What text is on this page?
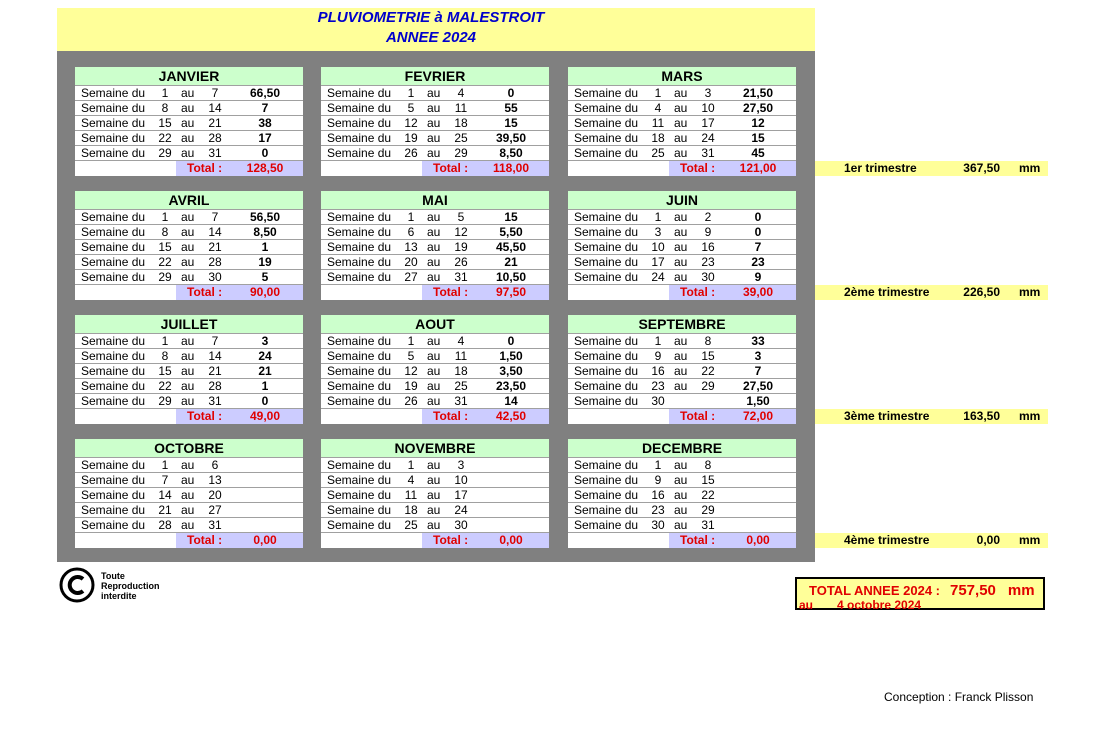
PLUVIOMETRIE à MALESTROIT
ANNEE 2024
JANVIER
Semaine du	1	au	7	66,50
Semaine du	8	au 14	7
Semaine du 15 au 21	38
Semaine du 22 au 28	17
Semaine du 29 au 31	0
Total :	128,50
FEVRIER
Semaine du	1	au	4	0
Semaine du	5	au	11	55
Semaine du 12 au 18	15
Semaine du 19 au 25	39,50
Semaine du 26 au 29	8,50
Total :	118,00
MARS
Semaine du	1	au	3	21,50
Semaine du	4	au 10	27,50
Semaine du	11 au 17	12
Semaine du 18 au 24	15
Semaine du 25 au 31	45
Total :	121,00
AVRIL
Semaine du	1	au	7	56,50
Semaine du	8	au 14	8,50
Semaine du 15 au 21	1
Semaine du 22 au 28	19
Semaine du 29 au 30	5
Total :	90,00
MAI
Semaine du	1	au	5	15
Semaine du	6	au 12	5,50
Semaine du 13 au 19	45,50
Semaine du 20 au 26	21
Semaine du 27 au 31	10,50
Total :	97,50
JUIN
Semaine du	1	au	2	0
Semaine du	3	au	9	0
Semaine du 10 au 16	7
Semaine du 17 au 23	23
Semaine du 24 au 30	9
Total :	39,00
JUILLET
Semaine du	1	au	7	3
Semaine du	8	au 14	24
Semaine du 15 au 21	21
Semaine du 22 au 28	1
Semaine du 29 au 31	0
Total :	49,00
AOUT
Semaine du	1	au	4	0
Semaine du	5	au	11	1,50
Semaine du 12 au 18	3,50
Semaine du 19 au 25	23,50
Semaine du 26 au 31	14
Total :	42,50
SEPTEMBRE
Semaine du	1	au	8	33
Semaine du	9	au 15	3
Semaine du 16 au 22	7
Semaine du 23 au 29	27,50
Semaine du 30	1,50
Total :	72,00
OCTOBRE
Semaine du	1	au	6
Semaine du	7	au 13
Semaine du 14 au 20
Semaine du 21 au 27
Semaine du 28 au 31
Total :	0,00
NOVEMBRE
Semaine du	1	au	3
Semaine du	4	au 10
Semaine du	11 au 17
Semaine du 18 au 24
Semaine du 25 au 30
Total :	0,00
DECEMBRE
Semaine du	1	au	8
Semaine du	9	au 15
Semaine du 16 au 22
Semaine du 23 au 29
Semaine du 30 au 31
Total :	0,00
1er trimestre	367,50 mm
2ème trimestre	226,50 mm
3ème trimestre	163,50 mm
4ème trimestre	0,00 mm
Toute
Reproduction
interdite	TOTAL ANNEE 2024 : 757,50 mm
au 4 octobre 2024
Conception : Franck Plisson
